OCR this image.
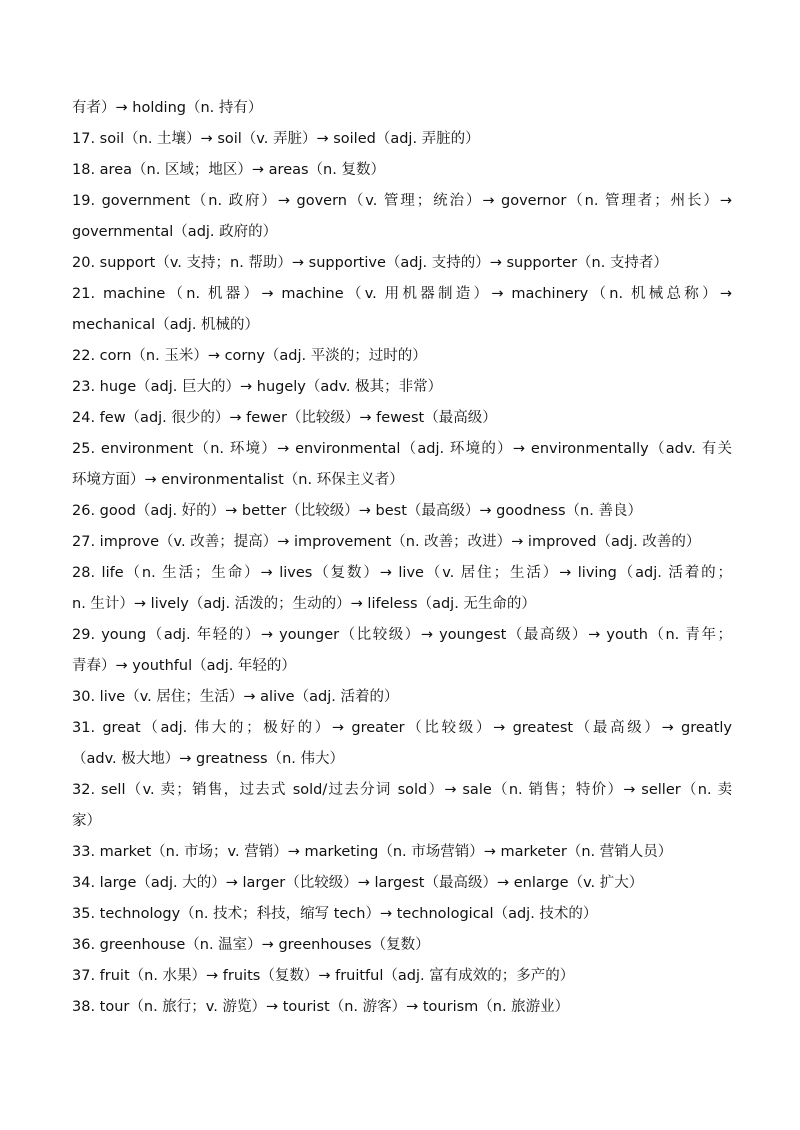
有者）→ holding（n. 持有）
17. soil（n. 土壤）→ soil（v. 弄脏）→ soiled（adj. 弄脏的）
18. area（n. 区域；地区）→ areas（n. 复数）
19. government（n. 政府）→ govern（v. 管理；统治）→ governor（n. 管理者；州长）→
governmental（adj. 政府的）
20. support（v. 支持；n. 帮助）→ supportive（adj. 支持的）→ supporter（n. 支持者）
21. machine（n. 机器）→ machine（v. 用机器制造）→ machinery（n. 机械总称）→
mechanical（adj. 机械的）
22. corn（n. 玉米）→ corny（adj. 平淡的；过时的）
23. huge（adj. 巨大的）→ hugely（adv. 极其；非常）
24. few（adj. 很少的）→ fewer（比较级）→ fewest（最高级）
25. environment（n. 环境）→ environmental（adj. 环境的）→ environmentally（adv. 有关
环境方面）→ environmentalist（n. 环保主义者）
26. good（adj. 好的）→ better（比较级）→ best（最高级）→ goodness（n. 善良）
27. improve（v. 改善；提高）→ improvement（n. 改善；改进）→ improved（adj. 改善的）
28. life（n. 生活；生命）→ lives（复数）→ live（v. 居住；生活）→ living（adj. 活着的；
n. 生计）→ lively（adj. 活泼的；生动的）→ lifeless（adj. 无生命的）
29. young（adj. 年轻的）→ younger（比较级）→ youngest（最高级）→ youth（n. 青年；
青春）→ youthful（adj. 年轻的）
30. live（v. 居住；生活）→ alive（adj. 活着的）
31. great（adj. 伟大的；极好的）→ greater（比较级）→ greatest（最高级）→ greatly
（adv. 极大地）→ greatness（n. 伟大）
32. sell（v. 卖；销售，过去式 sold/过去分词 sold）→ sale（n. 销售；特价）→ seller（n. 卖
家）
33. market（n. 市场；v. 营销）→ marketing（n. 市场营销）→ marketer（n. 营销人员）
34. large（adj. 大的）→ larger（比较级）→ largest（最高级）→ enlarge（v. 扩大）
35. technology（n. 技术；科技，缩写 tech）→ technological（adj. 技术的）
36. greenhouse（n. 温室）→ greenhouses（复数）
37. fruit（n. 水果）→ fruits（复数）→ fruitful（adj. 富有成效的；多产的）
38. tour（n. 旅行；v. 游览）→ tourist（n. 游客）→ tourism（n. 旅游业）
